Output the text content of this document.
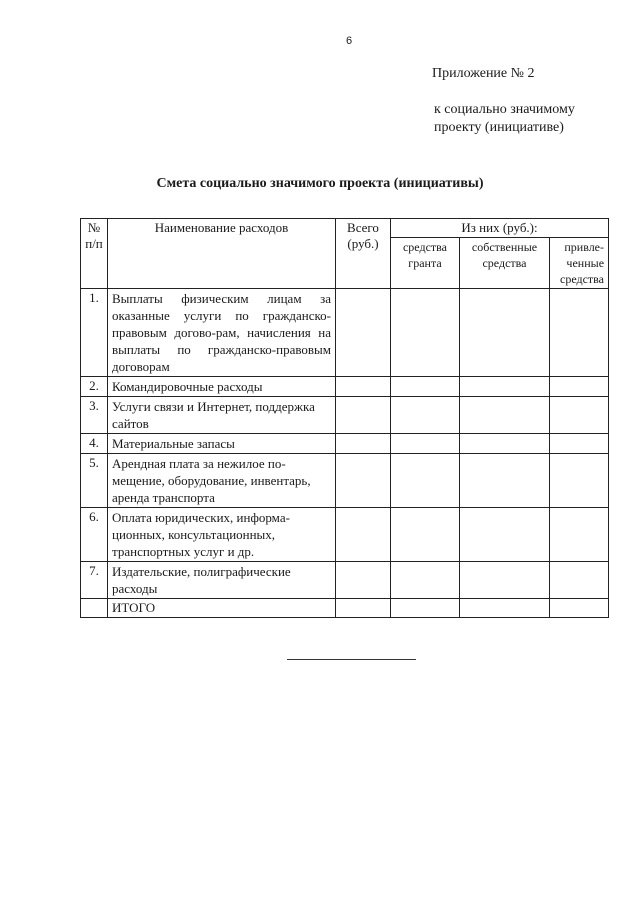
6
Приложение № 2
к социально значимому
проекту (инициативе)
Смета социально значимого проекта (инициативы)
№ п/п	Наименование расходов	Всего (руб.)	Из них (руб.):		
			средства гранта	собственные средства	привле-ченные средства
1.	Выплаты физическим лицам за оказанные услуги по гражданско-правовым догово-рам, начисления на выплаты по гражданско-правовым договорам				
2.	Командировочные расходы				
3.	Услуги связи и Интернет, поддержка сайтов				
4.	Материальные запасы				
5.	Арендная плата за нежилое по-мещение, оборудование, инвентарь, аренда транспорта				
6.	Оплата юридических, информа-ционных, консультационных, транспортных услуг и др.				
7.	Издательские, полиграфические расходы				
	ИТОГО				
